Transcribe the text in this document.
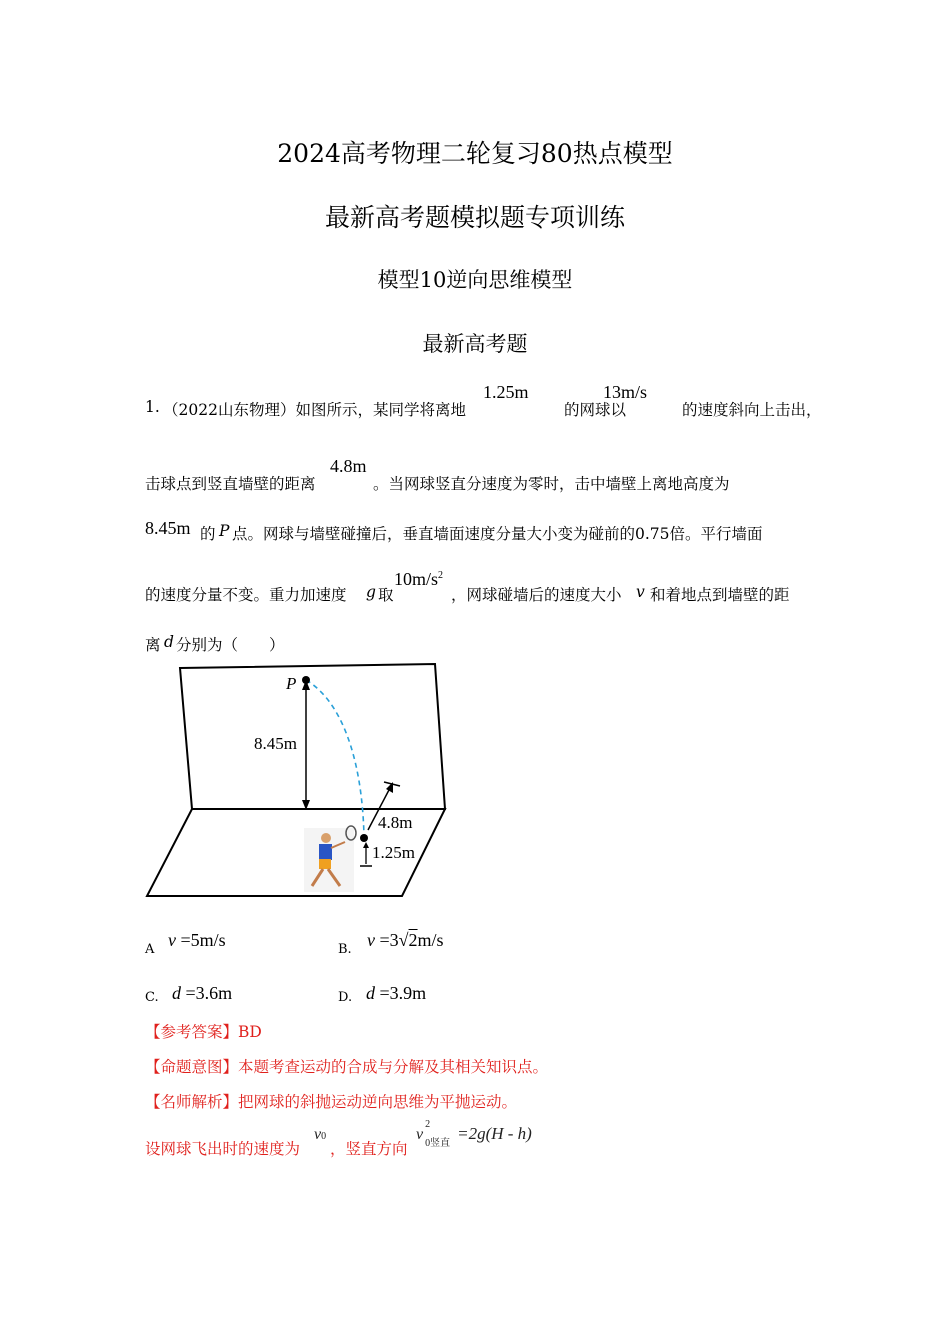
2024高考物理二轮复习80热点模型
最新高考题模拟题专项训练
模型10逆向思维模型
最新高考题
1. （2022山东物理）如图所示，某同学将离地
1.25m
的网球以
13m/s
的速度斜向上击出，
击球点到竖直墙壁的距离
4.8m
。当网球竖直分速度为零时，击中墙壁上离地高度为
8.45m 的 P 点。网球与墙壁碰撞后，垂直墙面速度分量大小变为碰前的0.75倍。平行墙面
的速度分量不变。重力加速度 g 取
$10m/s^2$
，网球碰墙后的速度大小 v 和着地点到墙壁的距
离 d 分别为（　　）
P
8.45m
4.8m
1.25m
A v =5m/s	B. v =3√2m/s
C. d =3.6m	D. d =3.9m
【参考答案】BD
【命题意图】本题考查运动的合成与分解及其相关知识点。
【名师解析】把网球的斜抛运动逆向思维为平抛运动。
设网球飞出时的速度为
v0
，竖直方向
v
2
0竖直
=2g(H - h)
